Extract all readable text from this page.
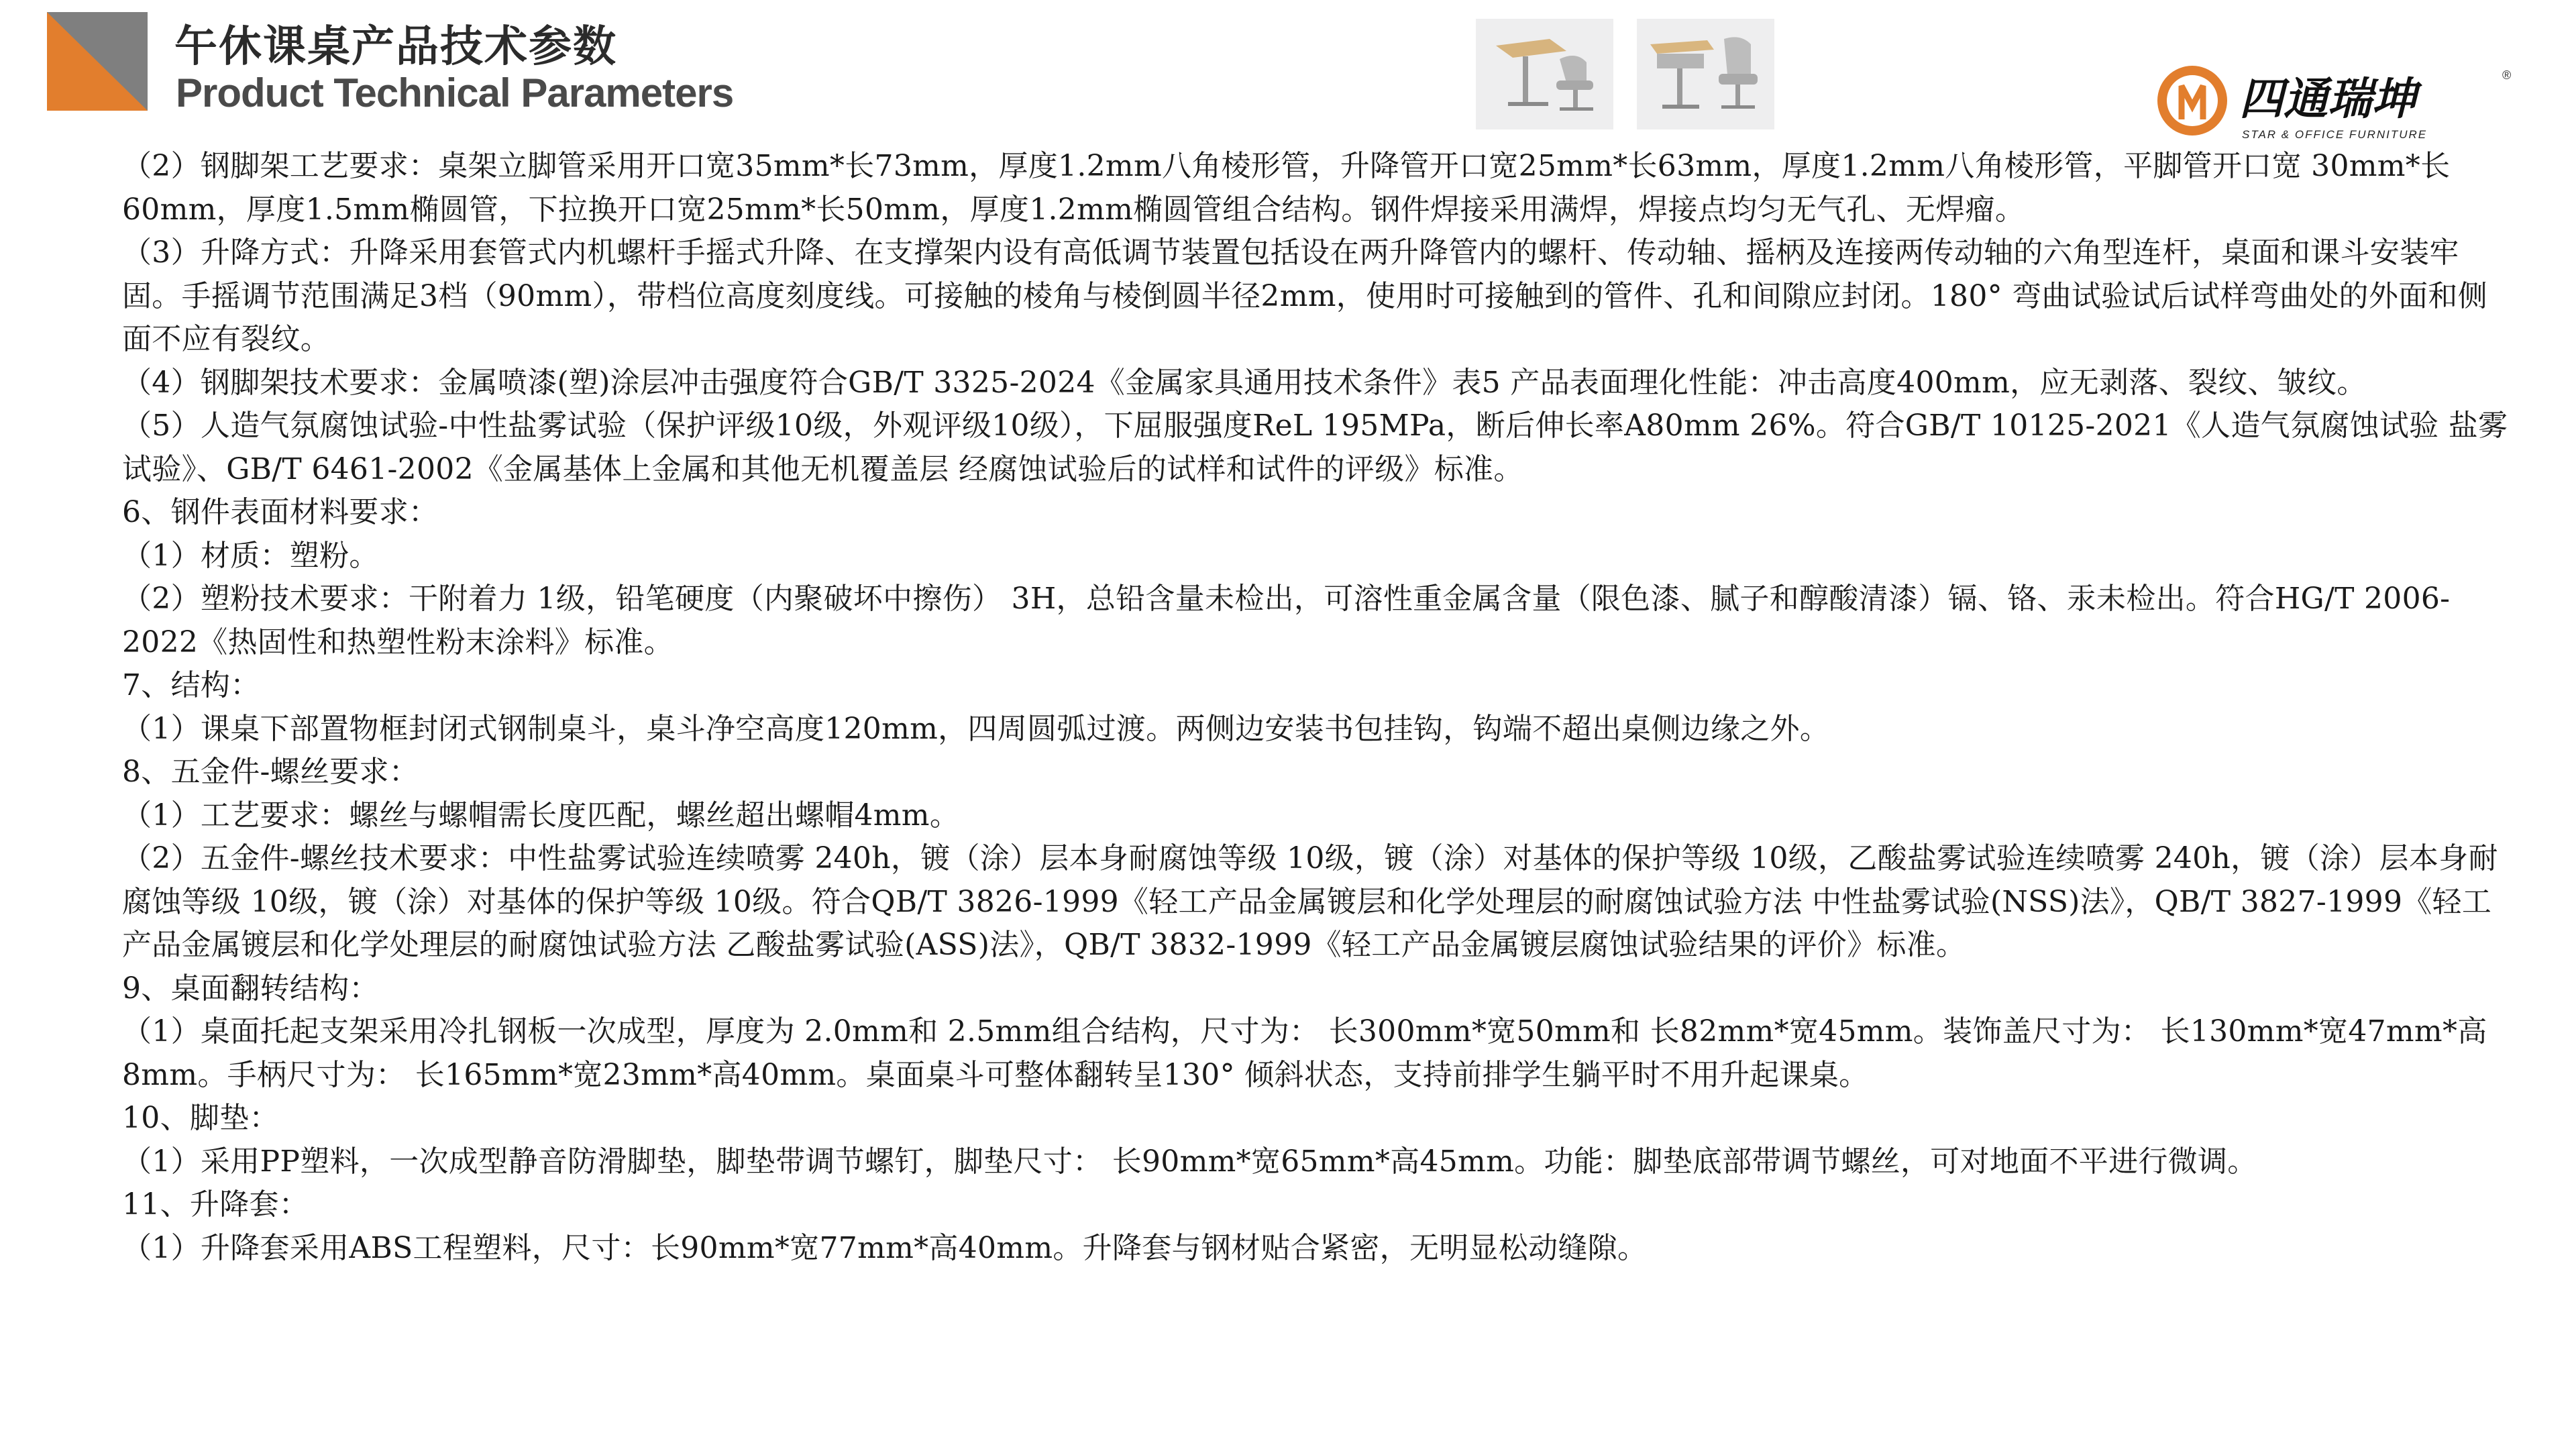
午休课桌产品技术参数
Product Technical Parameters	四通瑞坤
STAR & OFFICE FURNITURE
®

（2）钢脚架工艺要求：桌架立脚管采用开口宽35mm*长73mm，厚度1.2mm八角棱形管，升降管开口宽25mm*长63mm，厚度1.2mm八角棱形管，平脚管开口宽 30mm*长60mm，厚度1.5mm椭圆管，下拉换开口宽25mm*长50mm，厚度1.2mm椭圆管组合结构。钢件焊接采用满焊，焊接点均匀无气孔、无焊瘤。

（3）升降方式：升降采用套管式内机螺杆手摇式升降、在支撑架内设有高低调节装置包括设在两升降管内的螺杆、传动轴、摇柄及连接两传动轴的六角型连杆，桌面和课斗安装牢固。手摇调节范围满足3档（90mm），带档位高度刻度线。可接触的棱角与棱倒圆半径2mm，使用时可接触到的管件、孔和间隙应封闭。180° 弯曲试验试后试样弯曲处的外面和侧面不应有裂纹。

（4）钢脚架技术要求：金属喷漆(塑)涂层冲击强度符合GB/T 3325-2024《金属家具通用技术条件》表5 产品表面理化性能：冲击高度400mm，应无剥落、裂纹、皱纹。

（5）人造气氛腐蚀试验-中性盐雾试验（保护评级10级，外观评级10级），下屈服强度ReL 195MPa，断后伸长率A80mm 26%。符合GB/T 10125-2021《人造气氛腐蚀试验 盐雾试验》、GB/T 6461-2002《金属基体上金属和其他无机覆盖层 经腐蚀试验后的试样和试件的评级》标准。

6、钢件表面材料要求：

（1）材质：塑粉。

（2）塑粉技术要求：干附着力 1级，铅笔硬度（内聚破坏中擦伤） 3H，总铅含量未检出，可溶性重金属含量（限色漆、腻子和醇酸清漆）镉、铬、汞未检出。符合HG/T 2006-2022《热固性和热塑性粉末涂料》标准。

7、结构：

（1）课桌下部置物框封闭式钢制桌斗，桌斗净空高度120mm，四周圆弧过渡。两侧边安装书包挂钩，钩端不超出桌侧边缘之外。

8、五金件-螺丝要求：

（1）工艺要求：螺丝与螺帽需长度匹配，螺丝超出螺帽4mm。

（2）五金件-螺丝技术要求：中性盐雾试验连续喷雾 240h，镀（涂）层本身耐腐蚀等级 10级，镀（涂）对基体的保护等级 10级，乙酸盐雾试验连续喷雾 240h，镀（涂）层本身耐腐蚀等级 10级，镀（涂）对基体的保护等级 10级。符合QB/T 3826-1999《轻工产品金属镀层和化学处理层的耐腐蚀试验方法 中性盐雾试验(NSS)法》，QB/T 3827-1999《轻工产品金属镀层和化学处理层的耐腐蚀试验方法 乙酸盐雾试验(ASS)法》，QB/T 3832-1999《轻工产品金属镀层腐蚀试验结果的评价》标准。

9、桌面翻转结构：

（1）桌面托起支架采用冷扎钢板一次成型，厚度为 2.0mm和 2.5mm组合结构，尺寸为： 长300mm*宽50mm和 长82mm*宽45mm。装饰盖尺寸为： 长130mm*宽47mm*高8mm。手柄尺寸为： 长165mm*宽23mm*高40mm。桌面桌斗可整体翻转呈130° 倾斜状态，支持前排学生躺平时不用升起课桌。

10、脚垫：

（1）采用PP塑料，一次成型静音防滑脚垫，脚垫带调节螺钉，脚垫尺寸： 长90mm*宽65mm*高45mm。功能：脚垫底部带调节螺丝，可对地面不平进行微调。

11、升降套：

（1）升降套采用ABS工程塑料，尺寸：长90mm*宽77mm*高40mm。升降套与钢材贴合紧密，无明显松动缝隙。
